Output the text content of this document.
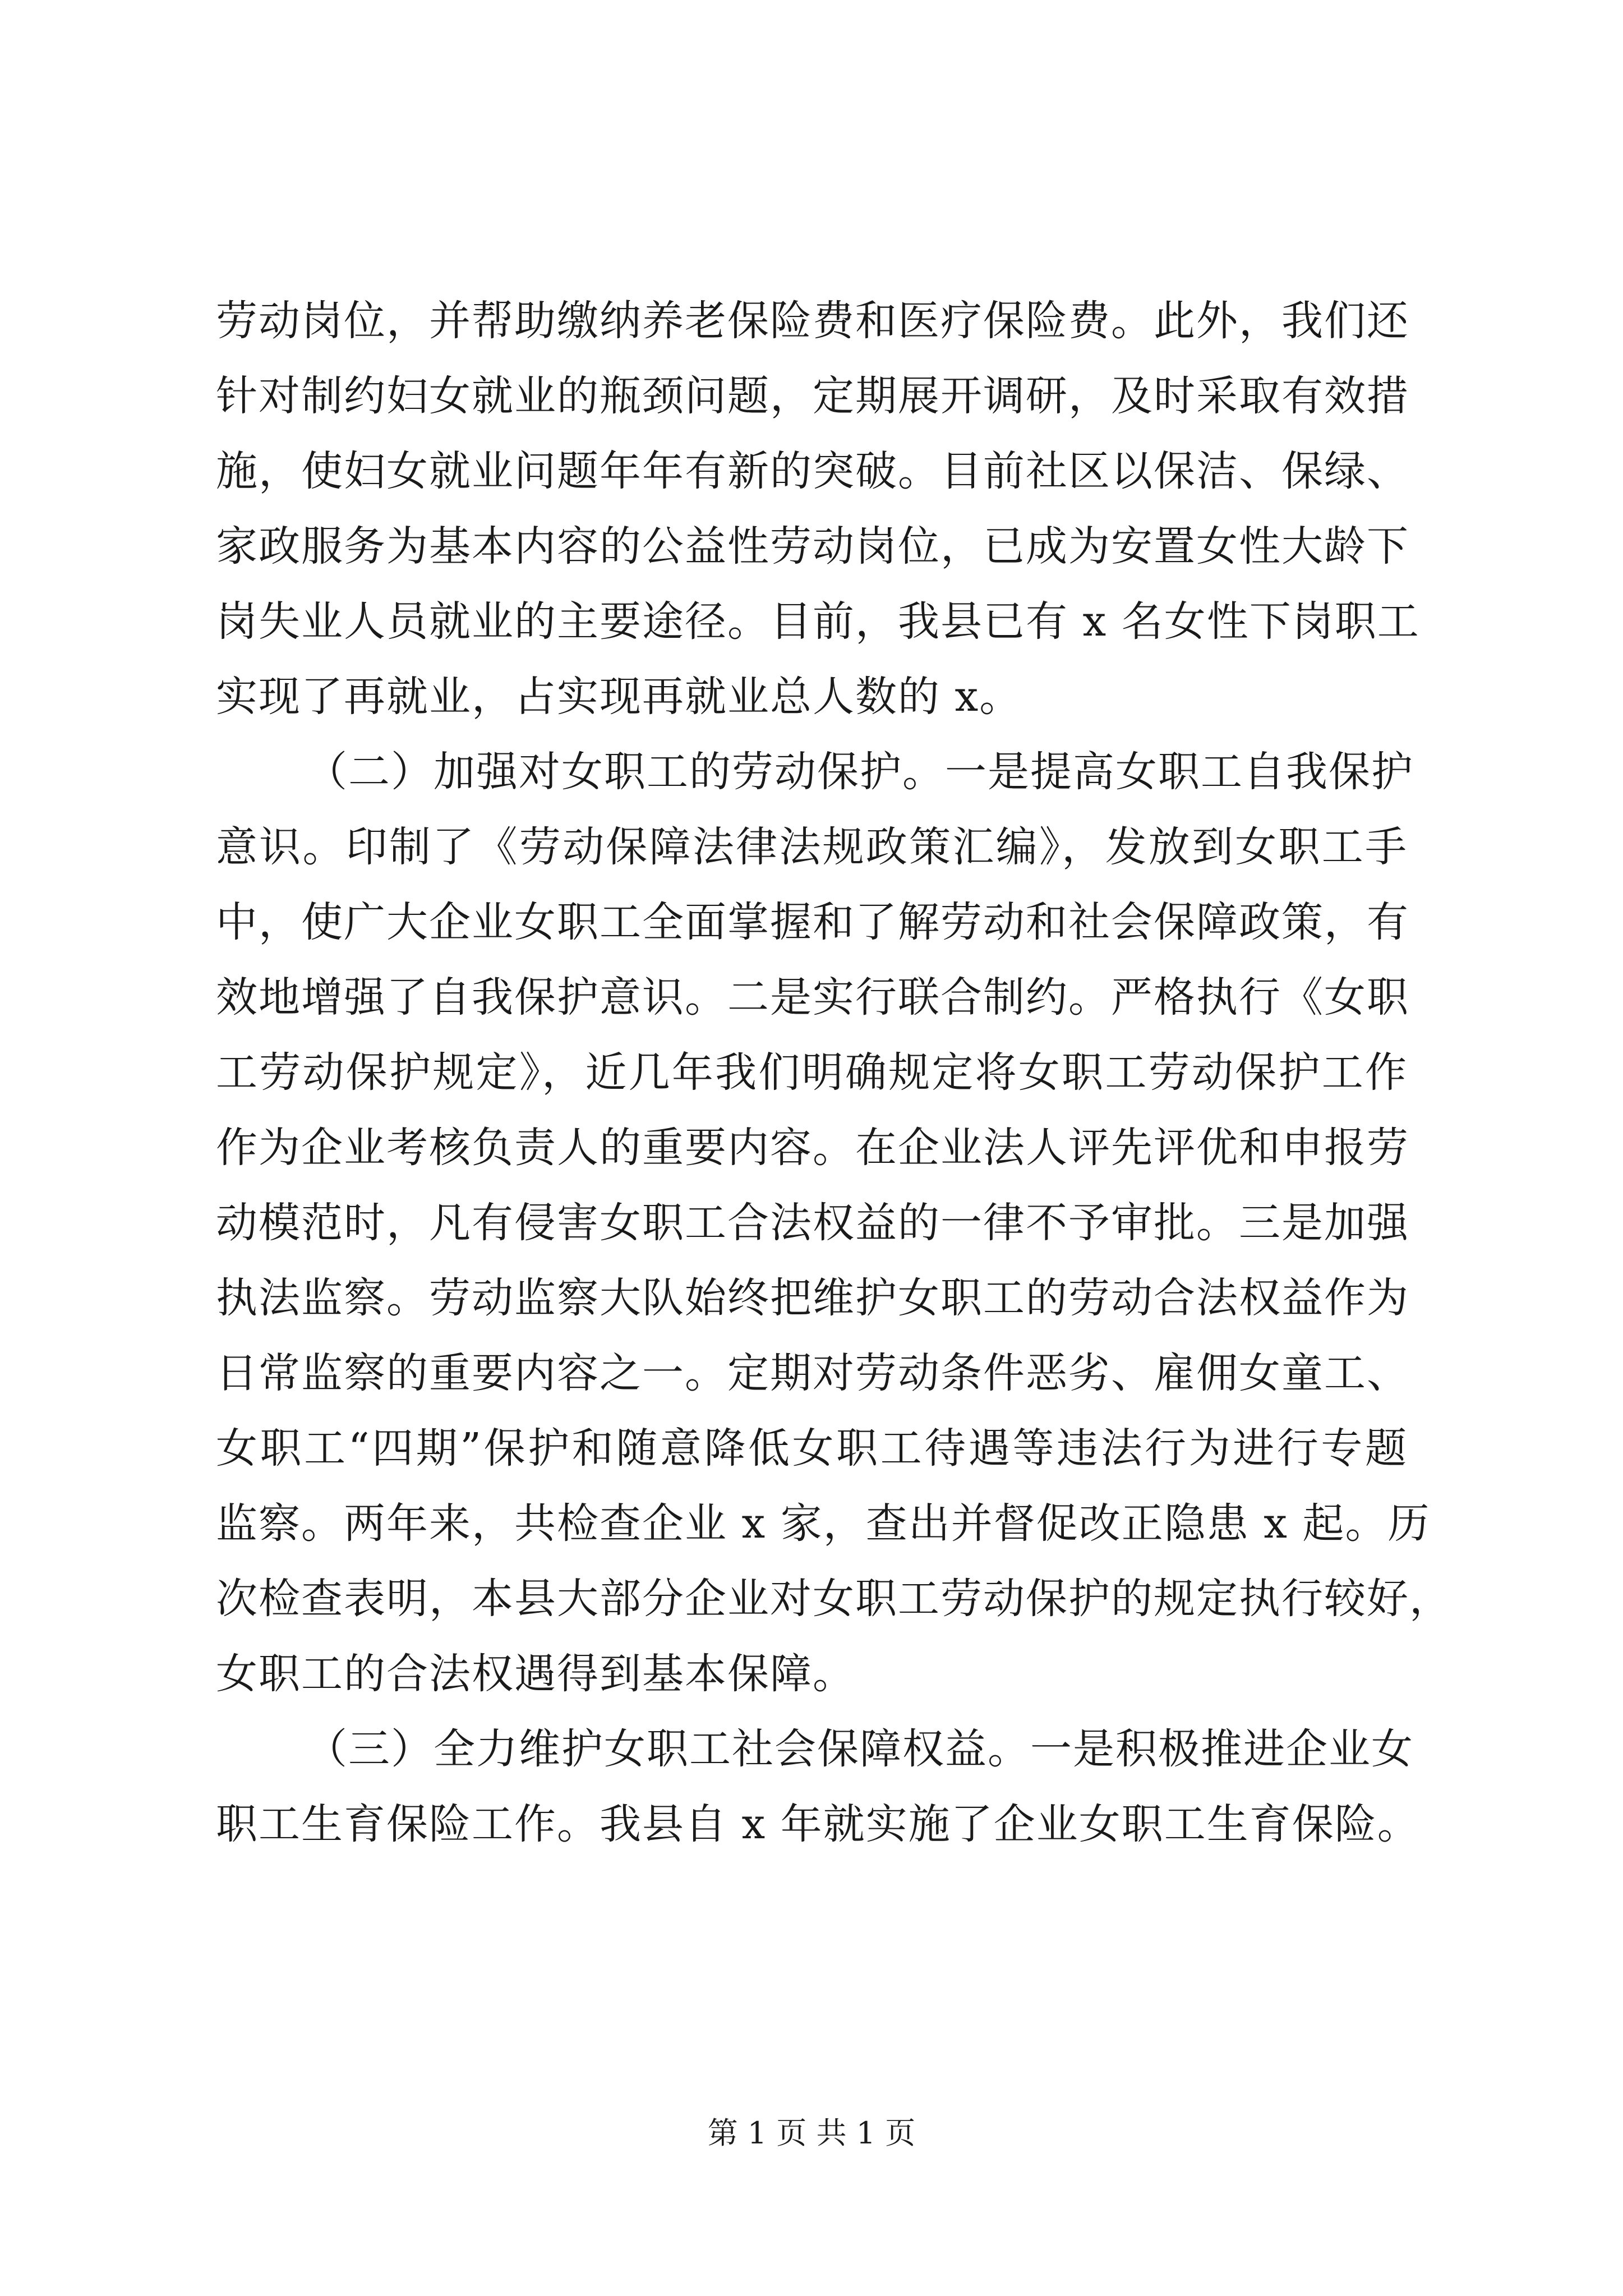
劳动岗位，并帮助缴纳养老保险费和医疗保险费。此外，我们还
针对制约妇女就业的瓶颈问题，定期展开调研，及时采取有效措
施，使妇女就业问题年年有新的突破。目前社区以保洁、保绿、
家政服务为基本内容的公益性劳动岗位，已成为安置女性大龄下
岗失业人员就业的主要途径。目前，我县已有 x 名女性下岗职工
实现了再就业，占实现再就业总人数的 x。
（二）加强对女职工的劳动保护。一是提高女职工自我保护
意识。印制了《劳动保障法律法规政策汇编》，发放到女职工手
中，使广大企业女职工全面掌握和了解劳动和社会保障政策，有
效地增强了自我保护意识。二是实行联合制约。严格执行《女职
工劳动保护规定》，近几年我们明确规定将女职工劳动保护工作
作为企业考核负责人的重要内容。在企业法人评先评优和申报劳
动模范时，凡有侵害女职工合法权益的一律不予审批。三是加强
执法监察。劳动监察大队始终把维护女职工的劳动合法权益作为
日常监察的重要内容之一。定期对劳动条件恶劣、雇佣女童工、
女职工“四期”保护和随意降低女职工待遇等违法行为进行专题
监察。两年来，共检查企业 x 家，查出并督促改正隐患 x 起。历
次检查表明，本县大部分企业对女职工劳动保护的规定执行较好，
女职工的合法权遇得到基本保障。
（三）全力维护女职工社会保障权益。一是积极推进企业女
职工生育保险工作。我县自 x 年就实施了企业女职工生育保险。
第 1 页 共 1 页
